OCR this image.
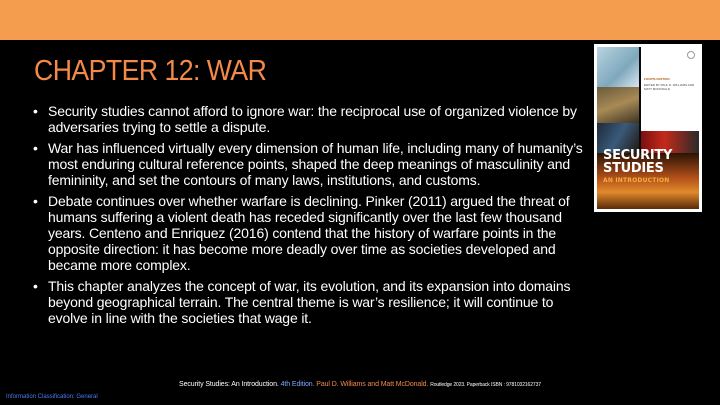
CHAPTER 12: WAR
• Security studies cannot afford to ignore war: the reciprocal use of organized violence by adversaries trying to settle a dispute.
• War has influenced virtually every dimension of human life, including many of humanity’s most enduring cultural reference points, shaped the deep meanings of masculinity and femininity, and set the contours of many laws, institutions, and customs.
• Debate continues over whether warfare is declining. Pinker (2011) argued the threat of humans suffering a violent death has receded significantly over the last few thousand years. Centeno and Enriquez (2016) contend that the history of warfare points in the opposite direction: it has become more deadly over time as societies developed and became more complex.
• This chapter analyzes the concept of war, its evolution, and its expansion into domains beyond geographical terrain. The central theme is war’s resilience; it will continue to evolve in line with the societies that wage it.

FOURTH EDITION

EDITED BY PAUL D. WILLIAMS AND MATT MCDONALD

SECURITY
STUDIES

AN INTRODUCTION

Security Studies: An Introduction. 4th Edition. Paul D. Williams and Matt McDonald. Routledge 2023. Paperback ISBN : 9781032162737

Information Classification: General
